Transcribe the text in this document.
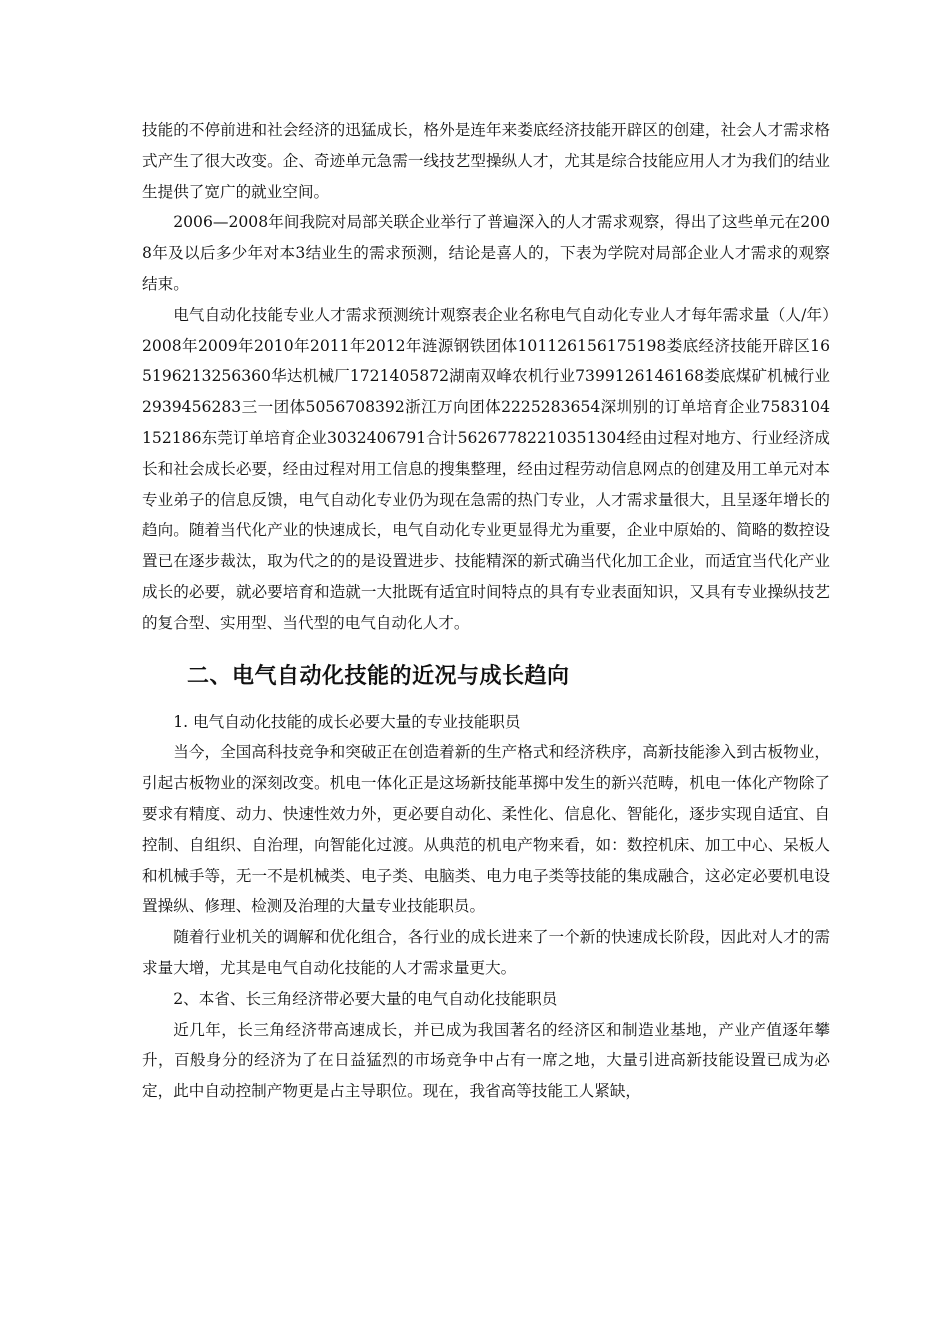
技能的不停前进和社会经济的迅猛成长，格外是连年来娄底经济技能开辟区的创建，社会人才需求格式产生了很大改变。企、奇迹单元急需一线技艺型操纵人才，尤其是综合技能应用人才为我们的结业生提供了宽广的就业空间。

2006—2008年间我院对局部关联企业举行了普遍深入的人才需求观察，得出了这些单元在2008年及以后多少年对本3结业生的需求预测，结论是喜人的，下表为学院对局部企业人才需求的观察结束。

电气自动化技能专业人才需求预测统计观察表企业名称电气自动化专业人才每年需求量（人/年）2008年2009年2010年2011年2012年涟源钢铁团体101126156175198娄底经济技能开辟区165196213256360华达机械厂1721405872湖南双峰农机行业7399126146168娄底煤矿机械行业2939456283三一团体5056708392浙江万向团体2225283654深圳别的订单培育企业7583104152186东莞订单培育企业3032406791合计56267782210351304经由过程对地方、行业经济成长和社会成长必要，经由过程对用工信息的搜集整理，经由过程劳动信息网点的创建及用工单元对本专业弟子的信息反馈，电气自动化专业仍为现在急需的热门专业，人才需求量很大，且呈逐年增长的趋向。随着当代化产业的快速成长，电气自动化专业更显得尤为重要，企业中原始的、简略的数控设置已在逐步裁汰，取为代之的的是设置进步、技能精深的新式确当代化加工企业，而适宜当代化产业成长的必要，就必要培育和造就一大批既有适宜时间特点的具有专业表面知识，又具有专业操纵技艺的复合型、实用型、当代型的电气自动化人才。

二、电气自动化技能的近况与成长趋向

1. 电气自动化技能的成长必要大量的专业技能职员

当今，全国高科技竞争和突破正在创造着新的生产格式和经济秩序，高新技能渗入到古板物业，引起古板物业的深刻改变。机电一体化正是这场新技能革掷中发生的新兴范畴，机电一体化产物除了要求有精度、动力、快速性效力外，更必要自动化、柔性化、信息化、智能化，逐步实现自适宜、自控制、自组织、自治理，向智能化过渡。从典范的机电产物来看，如：数控机床、加工中心、呆板人和机械手等，无一不是机械类、电子类、电脑类、电力电子类等技能的集成融合，这必定必要机电设置操纵、修理、检测及治理的大量专业技能职员。

随着行业机关的调解和优化组合，各行业的成长进来了一个新的快速成长阶段，因此对人才的需求量大增，尤其是电气自动化技能的人才需求量更大。

2、本省、长三角经济带必要大量的电气自动化技能职员

近几年，长三角经济带高速成长，并已成为我国著名的经济区和制造业基地，产业产值逐年攀升，百般身分的经济为了在日益猛烈的市场竞争中占有一席之地，大量引进高新技能设置已成为必定，此中自动控制产物更是占主导职位。现在，我省高等技能工人紧缺，
